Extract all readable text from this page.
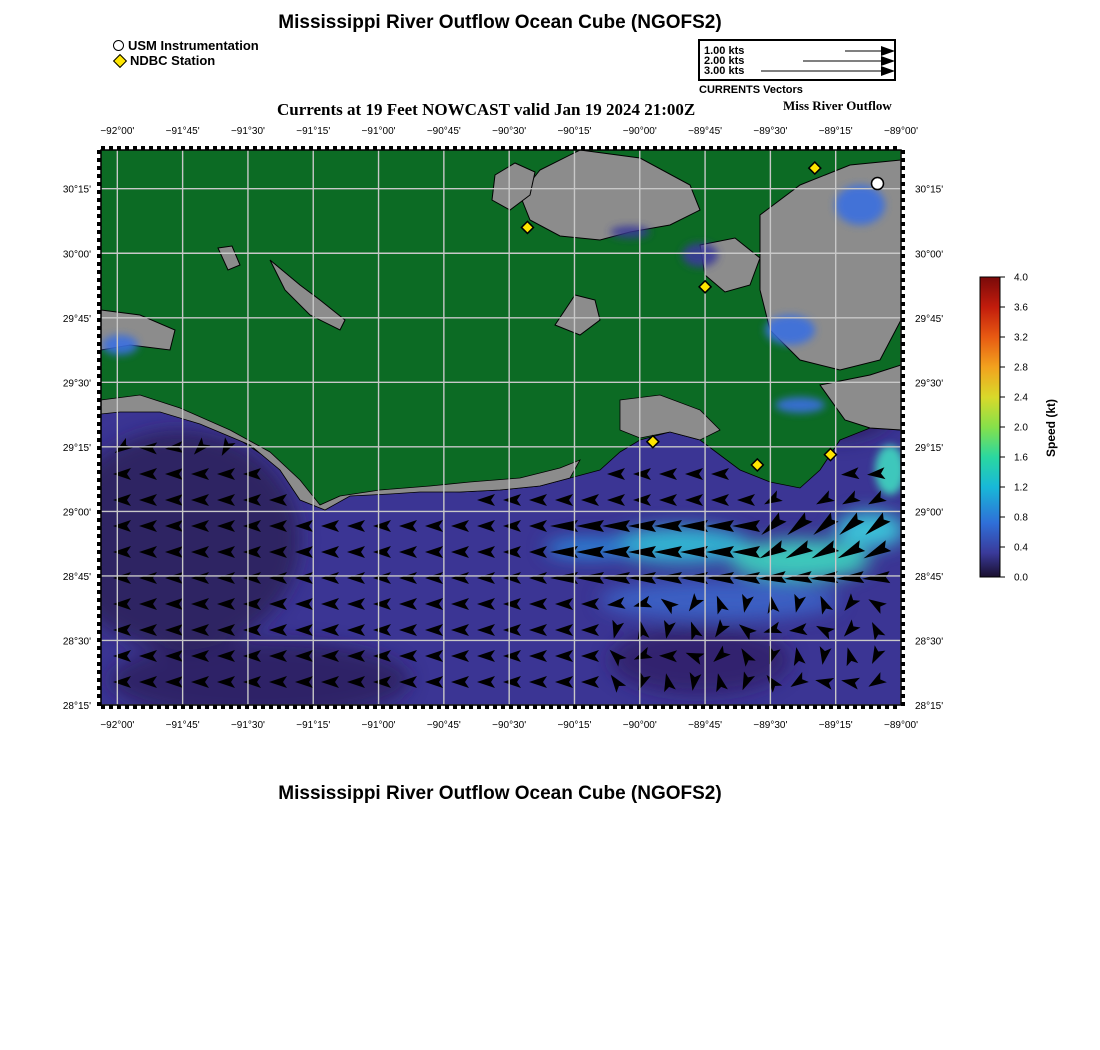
Mississippi River Outflow Ocean Cube (NGOFS2)
USM Instrumentation
NDBC Station
1.00 kts
2.00 kts
3.00 kts
CURRENTS Vectors
Currents at 19 Feet NOWCAST valid Jan 19 2024 21:00Z	Miss River Outflow
−92°00'	−91°45'	−91°30'	−91°15'	−91°00'	−90°45'	−90°30'	−90°15'	−90°00'	−89°45'	−89°30'	−89°15'	−89°00'
−92°00'	−91°45'	−91°30'	−91°15'	−91°00'	−90°45'	−90°30'	−90°15'	−90°00'	−89°45'	−89°30'	−89°15'	−89°00'
30°15'
30°00'
29°45'
29°30'
29°15'
29°00'
28°45'
28°30'
28°15'
30°15'
30°00'
29°45'
29°30'
29°15'
29°00'
28°45'
28°30'
28°15'
4.0
3.6
3.2
2.8
2.4
2.0
1.6
1.2
0.8
0.4
0.0
Speed (kt)
Mississippi River Outflow Ocean Cube (NGOFS2)
